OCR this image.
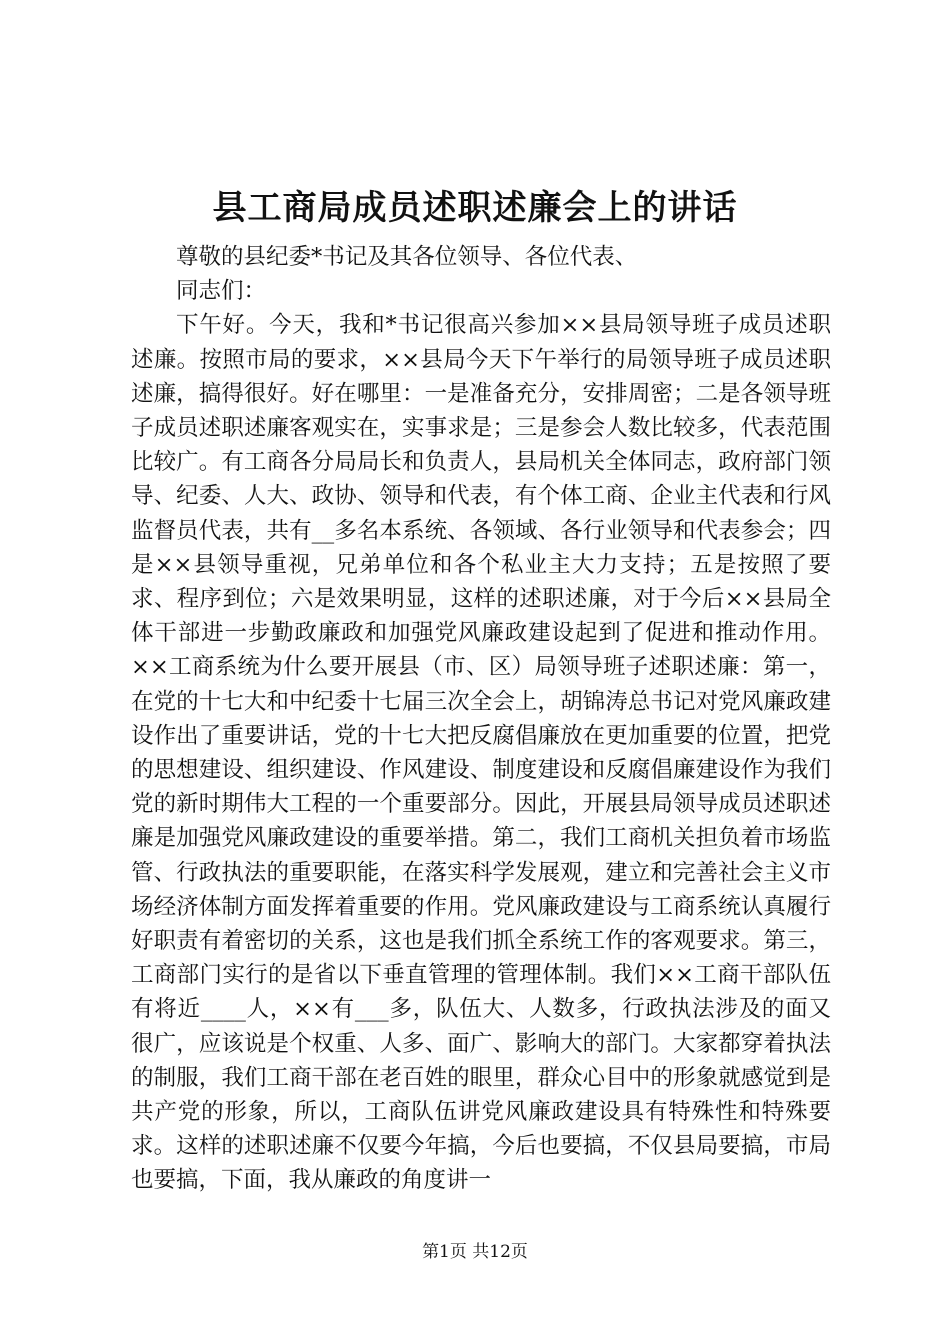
县工商局成员述职述廉会上的讲话

尊敬的县纪委*书记及其各位领导、各位代表、

同志们：

下午好。今天，我和*书记很高兴参加××县局领导班子成员述职述廉。按照市局的要求，××县局今天下午举行的局领导班子成员述职述廉，搞得很好。好在哪里：一是准备充分，安排周密；二是各领导班子成员述职述廉客观实在，实事求是；三是参会人数比较多，代表范围比较广。有工商各分局局长和负责人，县局机关全体同志，政府部门领导、纪委、人大、政协、领导和代表，有个体工商、企业主代表和行风监督员代表，共有__多名本系统、各领域、各行业领导和代表参会；四是××县领导重视，兄弟单位和各个私业主大力支持；五是按照了要求、程序到位；六是效果明显，这样的述职述廉，对于今后××县局全体干部进一步勤政廉政和加强党风廉政建设起到了促进和推动作用。××工商系统为什么要开展县（市、区）局领导班子述职述廉：第一，在党的十七大和中纪委十七届三次全会上，胡锦涛总书记对党风廉政建设作出了重要讲话，党的十七大把反腐倡廉放在更加重要的位置，把党的思想建设、组织建设、作风建设、制度建设和反腐倡廉建设作为我们党的新时期伟大工程的一个重要部分。因此，开展县局领导成员述职述廉是加强党风廉政建设的重要举措。第二，我们工商机关担负着市场监管、行政执法的重要职能，在落实科学发展观，建立和完善社会主义市场经济体制方面发挥着重要的作用。党风廉政建设与工商系统认真履行好职责有着密切的关系，这也是我们抓全系统工作的客观要求。第三，工商部门实行的是省以下垂直管理的管理体制。我们××工商干部队伍有将近____人，××有___多，队伍大、人数多，行政执法涉及的面又很广，应该说是个权重、人多、面广、影响大的部门。大家都穿着执法的制服，我们工商干部在老百姓的眼里，群众心目中的形象就感觉到是共产党的形象，所以，工商队伍讲党风廉政建设具有特殊性和特殊要求。这样的述职述廉不仅要今年搞，今后也要搞，不仅县局要搞，市局也要搞，下面，我从廉政的角度讲一

第1页 共12页
